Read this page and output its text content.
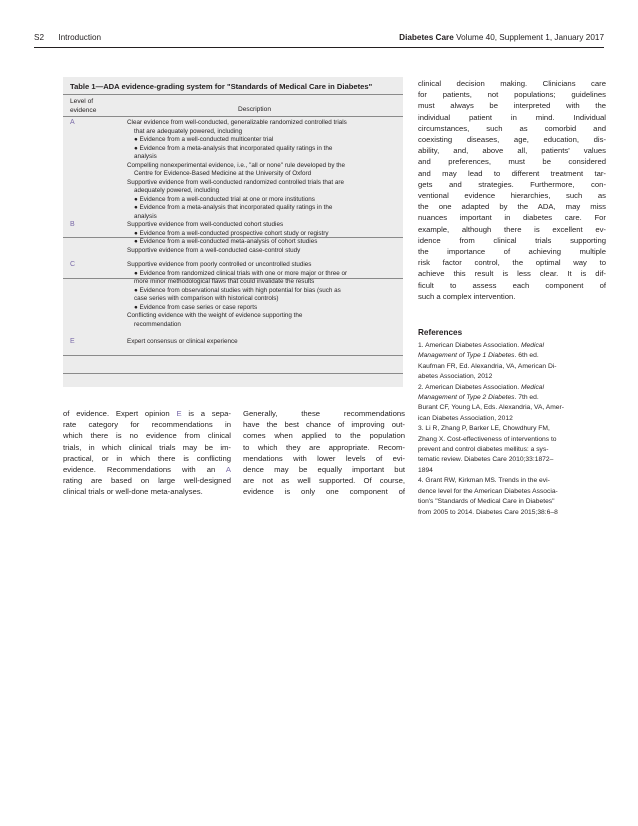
S2 Introduction	Diabetes Care Volume 40, Supplement 1, January 2017
Table 1—ADA evidence-grading system for "Standards of Medical Care in Diabetes"
Level of
evidence	Description
A	Clear evidence from well-conducted, generalizable randomized controlled trials
that are adequately powered, including
● Evidence from a well-conducted multicenter trial
● Evidence from a meta-analysis that incorporated quality ratings in the
analysis
Compelling nonexperimental evidence, i.e., "all or none" rule developed by the
Centre for Evidence-Based Medicine at the University of Oxford
Supportive evidence from well-conducted randomized controlled trials that are
adequately powered, including
● Evidence from a well-conducted trial at one or more institutions
● Evidence from a meta-analysis that incorporated quality ratings in the
analysis
B	Supportive evidence from well-conducted cohort studies
● Evidence from a well-conducted prospective cohort study or registry
● Evidence from a well-conducted meta-analysis of cohort studies
Supportive evidence from a well-conducted case-control study
C	Supportive evidence from poorly controlled or uncontrolled studies
● Evidence from randomized clinical trials with one or more major or three or
more minor methodological flaws that could invalidate the results
● Evidence from observational studies with high potential for bias (such as
case series with comparison with historical controls)
● Evidence from case series or case reports
Conflicting evidence with the weight of evidence supporting the
recommendation
E	Expert consensus or clinical experience
of evidence. Expert opinion E is a sepa-
rate category for recommendations in
which there is no evidence from clinical
trials, in which clinical trials may be im-
practical, or in which there is conflicting
evidence. Recommendations with an A
rating are based on large well-designed
clinical trials or well-done meta-analyses.
Generally, these recommendations
have the best chance of improving out-
comes when applied to the population
to which they are appropriate. Recom-
mendations with lower levels of evi-
dence may be equally important but
are not as well supported. Of course,
evidence is only one component of
clinical decision making. Clinicians care
for patients, not populations; guidelines
must always be interpreted with the
individual patient in mind. Individual
circumstances, such as comorbid and
coexisting diseases, age, education, dis-
ability, and, above all, patients' values
and preferences, must be considered
and may lead to different treatment tar-
gets and strategies. Furthermore, con-
ventional evidence hierarchies, such as
the one adapted by the ADA, may miss
nuances important in diabetes care. For
example, although there is excellent ev-
idence from clinical trials supporting
the importance of achieving multiple
risk factor control, the optimal way to
achieve this result is less clear. It is dif-
ficult to assess each component of
such a complex intervention.
References
1. American Diabetes Association. Medical
Management of Type 1 Diabetes. 6th ed.
Kaufman FR, Ed. Alexandria, VA, American Di-
abetes Association, 2012
2. American Diabetes Association. Medical
Management of Type 2 Diabetes. 7th ed.
Burant CF, Young LA, Eds. Alexandria, VA, Amer-
ican Diabetes Association, 2012
3. Li R, Zhang P, Barker LE, Chowdhury FM,
Zhang X. Cost-effectiveness of interventions to
prevent and control diabetes mellitus: a sys-
tematic review. Diabetes Care 2010;33:1872–
1894
4. Grant RW, Kirkman MS. Trends in the evi-
dence level for the American Diabetes Associa-
tion's "Standards of Medical Care in Diabetes"
from 2005 to 2014. Diabetes Care 2015;38:6–8
